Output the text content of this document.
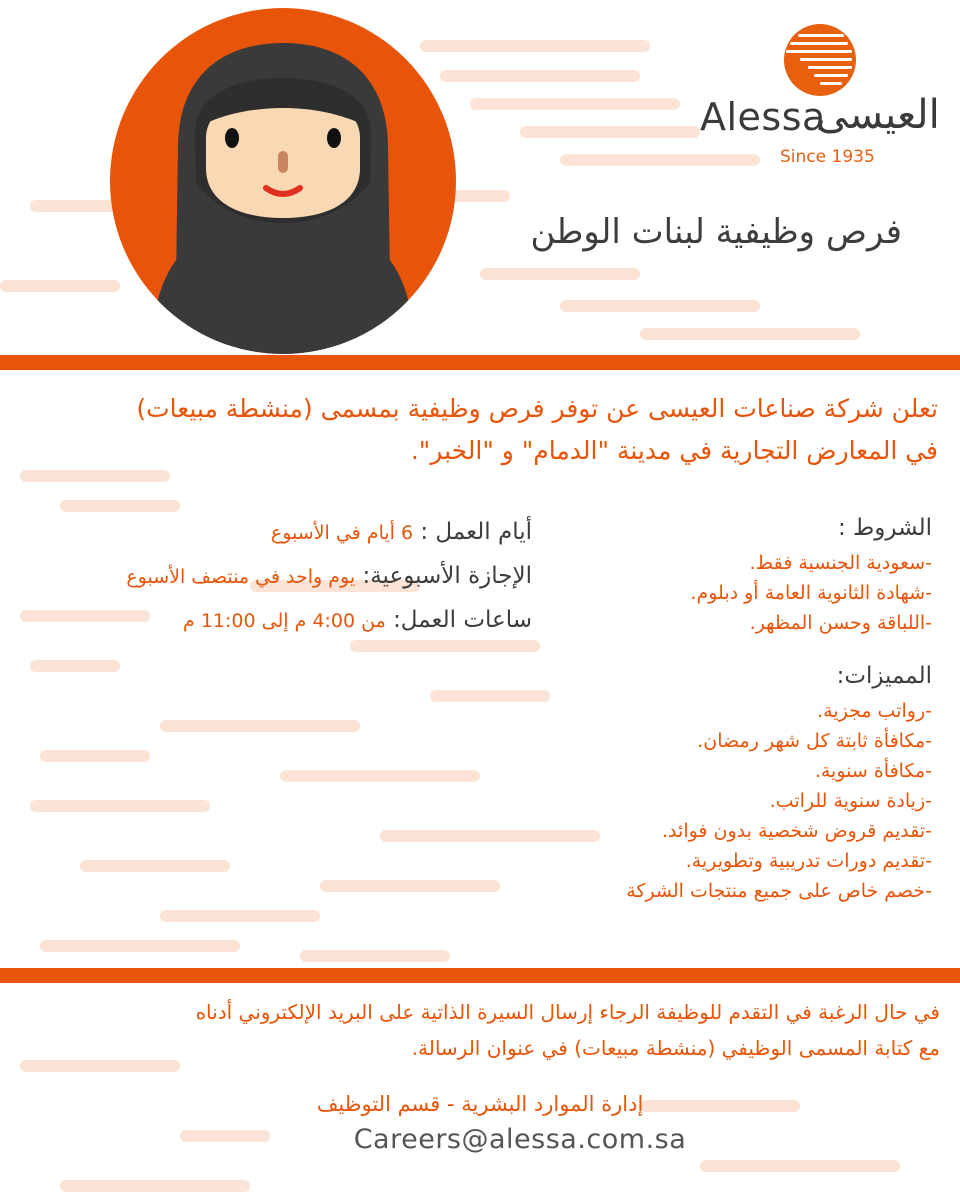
Alessa
العيسى
Since 1935
فرص وظيفية لبنات الوطن
تعلن شركة صناعات العيسى عن توفر فرص وظيفية بمسمى (منشطة مبيعات)
في المعارض التجارية في مدينة "الدمام" و "الخبر".
أيام العمل : 6 أيام في الأسبوع
الإجازة الأسبوعية: يوم واحد في منتصف الأسبوع
ساعات العمل: من 4:00 م إلى 11:00 م
الشروط :
-سعودية الجنسية فقط.
-شهادة الثانوية العامة أو دبلوم.
-اللباقة وحسن المظهر.
المميزات:
-رواتب مجزية.
-مكافأة ثابتة كل شهر رمضان.
-مكافأة سنوية.
-زيادة سنوية للراتب.
-تقديم قروض شخصية بدون فوائد.
-تقديم دورات تدريبية وتطويرية.
-خصم خاص على جميع منتجات الشركة
في حال الرغبة في التقدم للوظيفة الرجاء إرسال السيرة الذاتية على البريد الإلكتروني أدناه
مع كتابة المسمى الوظيفي (منشطة مبيعات) في عنوان الرسالة.
إدارة الموارد البشرية - قسم التوظيف
Careers@alessa.com.sa
